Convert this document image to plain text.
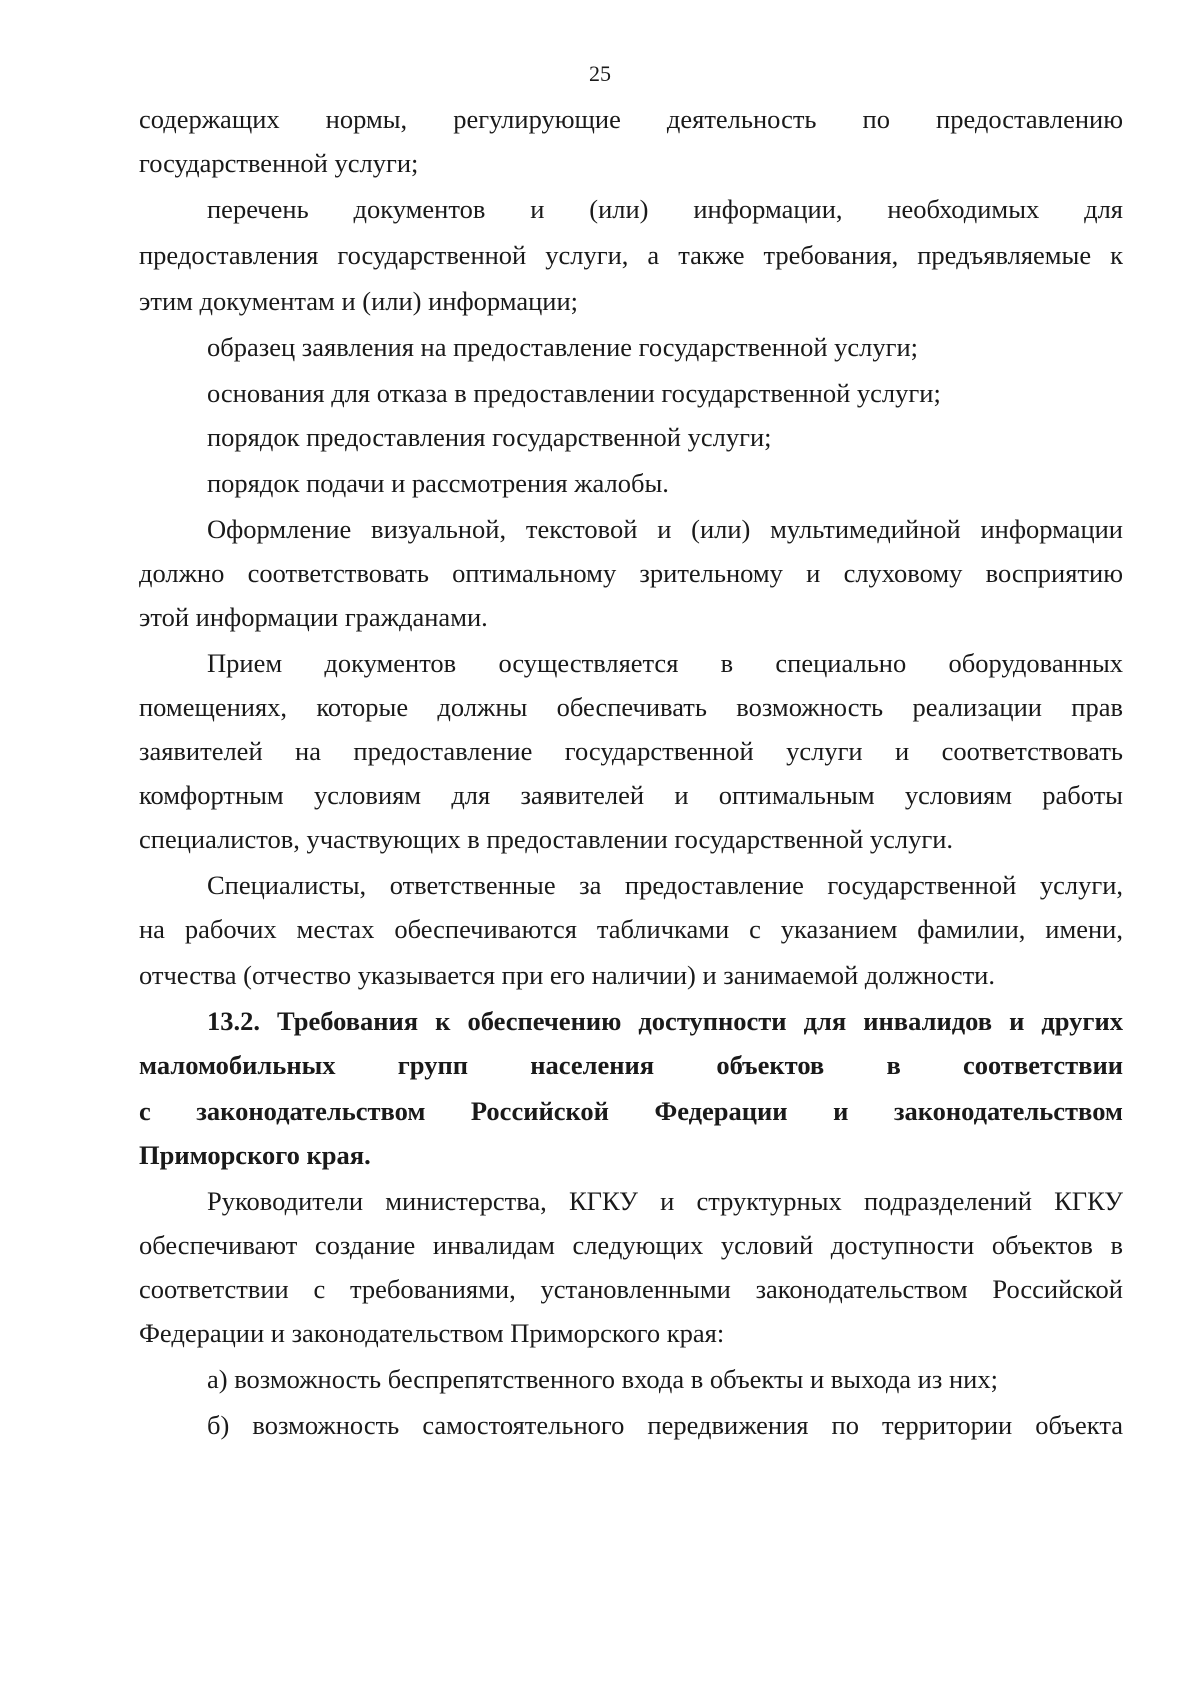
25
содержащих нормы, регулирующие деятельность по предоставлению
государственной услуги;
перечень документов и (или) информации, необходимых для
предоставления государственной услуги, а также требования, предъявляемые к
этим документам и (или) информации;
образец заявления на предоставление государственной услуги;
основания для отказа в предоставлении государственной услуги;
порядок предоставления государственной услуги;
порядок подачи и рассмотрения жалобы.
Оформление визуальной, текстовой и (или) мультимедийной информации
должно соответствовать оптимальному зрительному и слуховому восприятию
этой информации гражданами.
Прием документов осуществляется в специально оборудованных
помещениях, которые должны обеспечивать возможность реализации прав
заявителей на предоставление государственной услуги и соответствовать
комфортным условиям для заявителей и оптимальным условиям работы
специалистов, участвующих в предоставлении государственной услуги.
Специалисты, ответственные за предоставление государственной услуги,
на рабочих местах обеспечиваются табличками с указанием фамилии, имени,
отчества (отчество указывается при его наличии) и занимаемой должности.
13.2. Требования к обеспечению доступности для инвалидов и других
маломобильных групп населения объектов в соответствии
с законодательством Российской Федерации и законодательством
Приморского края.
Руководители министерства, КГКУ и структурных подразделений КГКУ
обеспечивают создание инвалидам следующих условий доступности объектов в
соответствии с требованиями, установленными законодательством Российской
Федерации и законодательством Приморского края:
а) возможность беспрепятственного входа в объекты и выхода из них;
б) возможность самостоятельного передвижения по территории объекта
